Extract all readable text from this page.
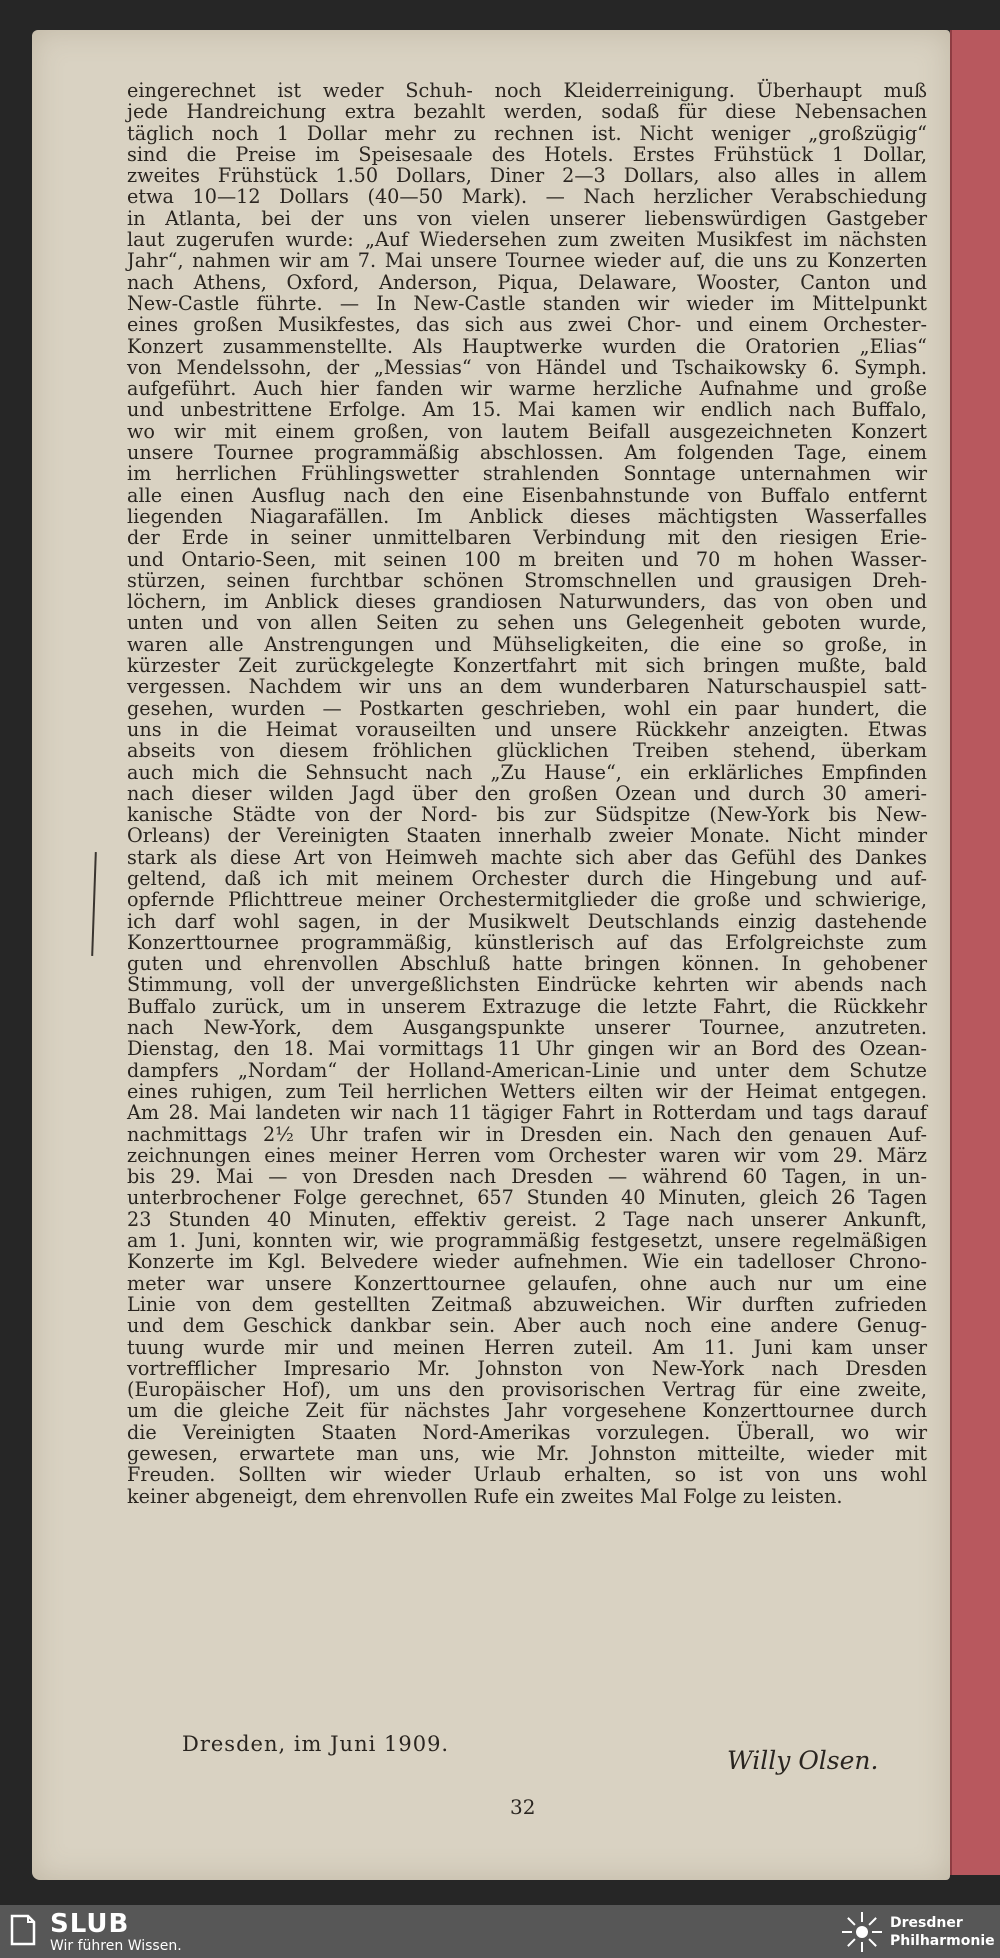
eingerechnet ist weder Schuh- noch Kleiderreinigung. Überhaupt muß
jede Handreichung extra bezahlt werden, sodaß für diese Nebensachen
täglich noch 1 Dollar mehr zu rechnen ist. Nicht weniger „großzügig“
sind die Preise im Speisesaale des Hotels. Erstes Frühstück 1 Dollar,
zweites Frühstück 1.50 Dollars, Diner 2—3 Dollars, also alles in allem
etwa 10—12 Dollars (40—50 Mark). — Nach herzlicher Verabschiedung
in Atlanta, bei der uns von vielen unserer liebenswürdigen Gastgeber
laut zugerufen wurde: „Auf Wiedersehen zum zweiten Musikfest im nächsten
Jahr“, nahmen wir am 7. Mai unsere Tournee wieder auf, die uns zu Konzerten
nach Athens, Oxford, Anderson, Piqua, Delaware, Wooster, Canton und
New-Castle führte. — In New-Castle standen wir wieder im Mittelpunkt
eines großen Musikfestes, das sich aus zwei Chor- und einem Orchester-
Konzert zusammenstellte. Als Hauptwerke wurden die Oratorien „Elias“
von Mendelssohn, der „Messias“ von Händel und Tschaikowsky 6. Symph.
aufgeführt. Auch hier fanden wir warme herzliche Aufnahme und große
und unbestrittene Erfolge. Am 15. Mai kamen wir endlich nach Buffalo,
wo wir mit einem großen, von lautem Beifall ausgezeichneten Konzert
unsere Tournee programmäßig abschlossen. Am folgenden Tage, einem
im herrlichen Frühlingswetter strahlenden Sonntage unternahmen wir
alle einen Ausflug nach den eine Eisenbahnstunde von Buffalo entfernt
liegenden Niagarafällen. Im Anblick dieses mächtigsten Wasserfalles
der Erde in seiner unmittelbaren Verbindung mit den riesigen Erie-
und Ontario-Seen, mit seinen 100 m breiten und 70 m hohen Wasser-
stürzen, seinen furchtbar schönen Stromschnellen und grausigen Dreh-
löchern, im Anblick dieses grandiosen Naturwunders, das von oben und
unten und von allen Seiten zu sehen uns Gelegenheit geboten wurde,
waren alle Anstrengungen und Mühseligkeiten, die eine so große, in
kürzester Zeit zurückgelegte Konzertfahrt mit sich bringen mußte, bald
vergessen. Nachdem wir uns an dem wunderbaren Naturschauspiel satt-
gesehen, wurden — Postkarten geschrieben, wohl ein paar hundert, die
uns in die Heimat vorauseilten und unsere Rückkehr anzeigten. Etwas
abseits von diesem fröhlichen glücklichen Treiben stehend, überkam
auch mich die Sehnsucht nach „Zu Hause“, ein erklärliches Empfinden
nach dieser wilden Jagd über den großen Ozean und durch 30 ameri-
kanische Städte von der Nord- bis zur Südspitze (New-York bis New-
Orleans) der Vereinigten Staaten innerhalb zweier Monate. Nicht minder
stark als diese Art von Heimweh machte sich aber das Gefühl des Dankes
geltend, daß ich mit meinem Orchester durch die Hingebung und auf-
opfernde Pflichttreue meiner Orchestermitglieder die große und schwierige,
ich darf wohl sagen, in der Musikwelt Deutschlands einzig dastehende
Konzerttournee programmäßig, künstlerisch auf das Erfolgreichste zum
guten und ehrenvollen Abschluß hatte bringen können. In gehobener
Stimmung, voll der unvergeßlichsten Eindrücke kehrten wir abends nach
Buffalo zurück, um in unserem Extrazuge die letzte Fahrt, die Rückkehr
nach New-York, dem Ausgangspunkte unserer Tournee, anzutreten.
Dienstag, den 18. Mai vormittags 11 Uhr gingen wir an Bord des Ozean-
dampfers „Nordam“ der Holland-American-Linie und unter dem Schutze
eines ruhigen, zum Teil herrlichen Wetters eilten wir der Heimat entgegen.
Am 28. Mai landeten wir nach 11 tägiger Fahrt in Rotterdam und tags darauf
nachmittags 2½ Uhr trafen wir in Dresden ein. Nach den genauen Auf-
zeichnungen eines meiner Herren vom Orchester waren wir vom 29. März
bis 29. Mai — von Dresden nach Dresden — während 60 Tagen, in un-
unterbrochener Folge gerechnet, 657 Stunden 40 Minuten, gleich 26 Tagen
23 Stunden 40 Minuten, effektiv gereist. 2 Tage nach unserer Ankunft,
am 1. Juni, konnten wir, wie programmäßig festgesetzt, unsere regelmäßigen
Konzerte im Kgl. Belvedere wieder aufnehmen. Wie ein tadelloser Chrono-
meter war unsere Konzerttournee gelaufen, ohne auch nur um eine
Linie von dem gestellten Zeitmaß abzuweichen. Wir durften zufrieden
und dem Geschick dankbar sein. Aber auch noch eine andere Genug-
tuung wurde mir und meinen Herren zuteil. Am 11. Juni kam unser
vortrefflicher Impresario Mr. Johnston von New-York nach Dresden
(Europäischer Hof), um uns den provisorischen Vertrag für eine zweite,
um die gleiche Zeit für nächstes Jahr vorgesehene Konzerttournee durch
die Vereinigten Staaten Nord-Amerikas vorzulegen. Überall, wo wir
gewesen, erwartete man uns, wie Mr. Johnston mitteilte, wieder mit
Freuden. Sollten wir wieder Urlaub erhalten, so ist von uns wohl
keiner abgeneigt, dem ehrenvollen Rufe ein zweites Mal Folge zu leisten.
Dresden, im Juni 1909.
Willy Olsen.
32
SLUB
Wir führen Wissen.
Dresdner
Philharmonie
